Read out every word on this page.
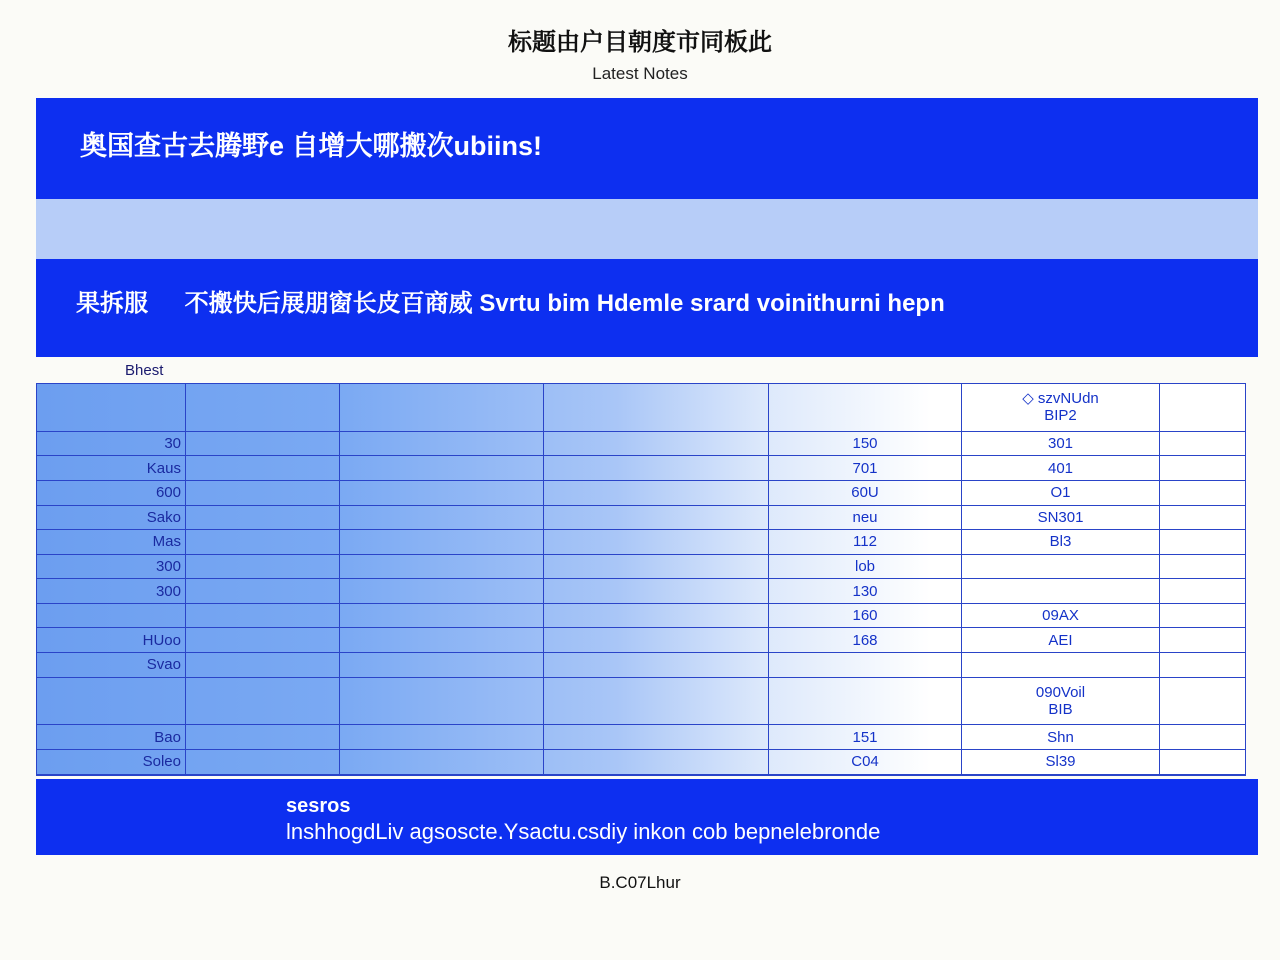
标题由户目朝度市同板此
Latest Notes
奥国查古去腾野e 自增大哪搬次ubiins!
果拆服 不搬快后展朋窗长皮百商威 Svrtu bim Hdemle srard voinithurni hepn
Bhest
					◇ szvNUdn
BIP2	
30				150	301	
Kaus				701	401	
600				60U	O1	
Sako				neu	SN301	
Mas				112	Bl3	
300				lob		
300				130		
				160	09AX	
HUoo				168	AEI	
Svao						
					090Voil
BIB	
Bao				151	Shn	
Soleo				C04	Sl39	

sesros
lnshhogdLiv agsoscte.Ysactu.csdiy inkon cob bepnelebronde
B.C07Lhur
